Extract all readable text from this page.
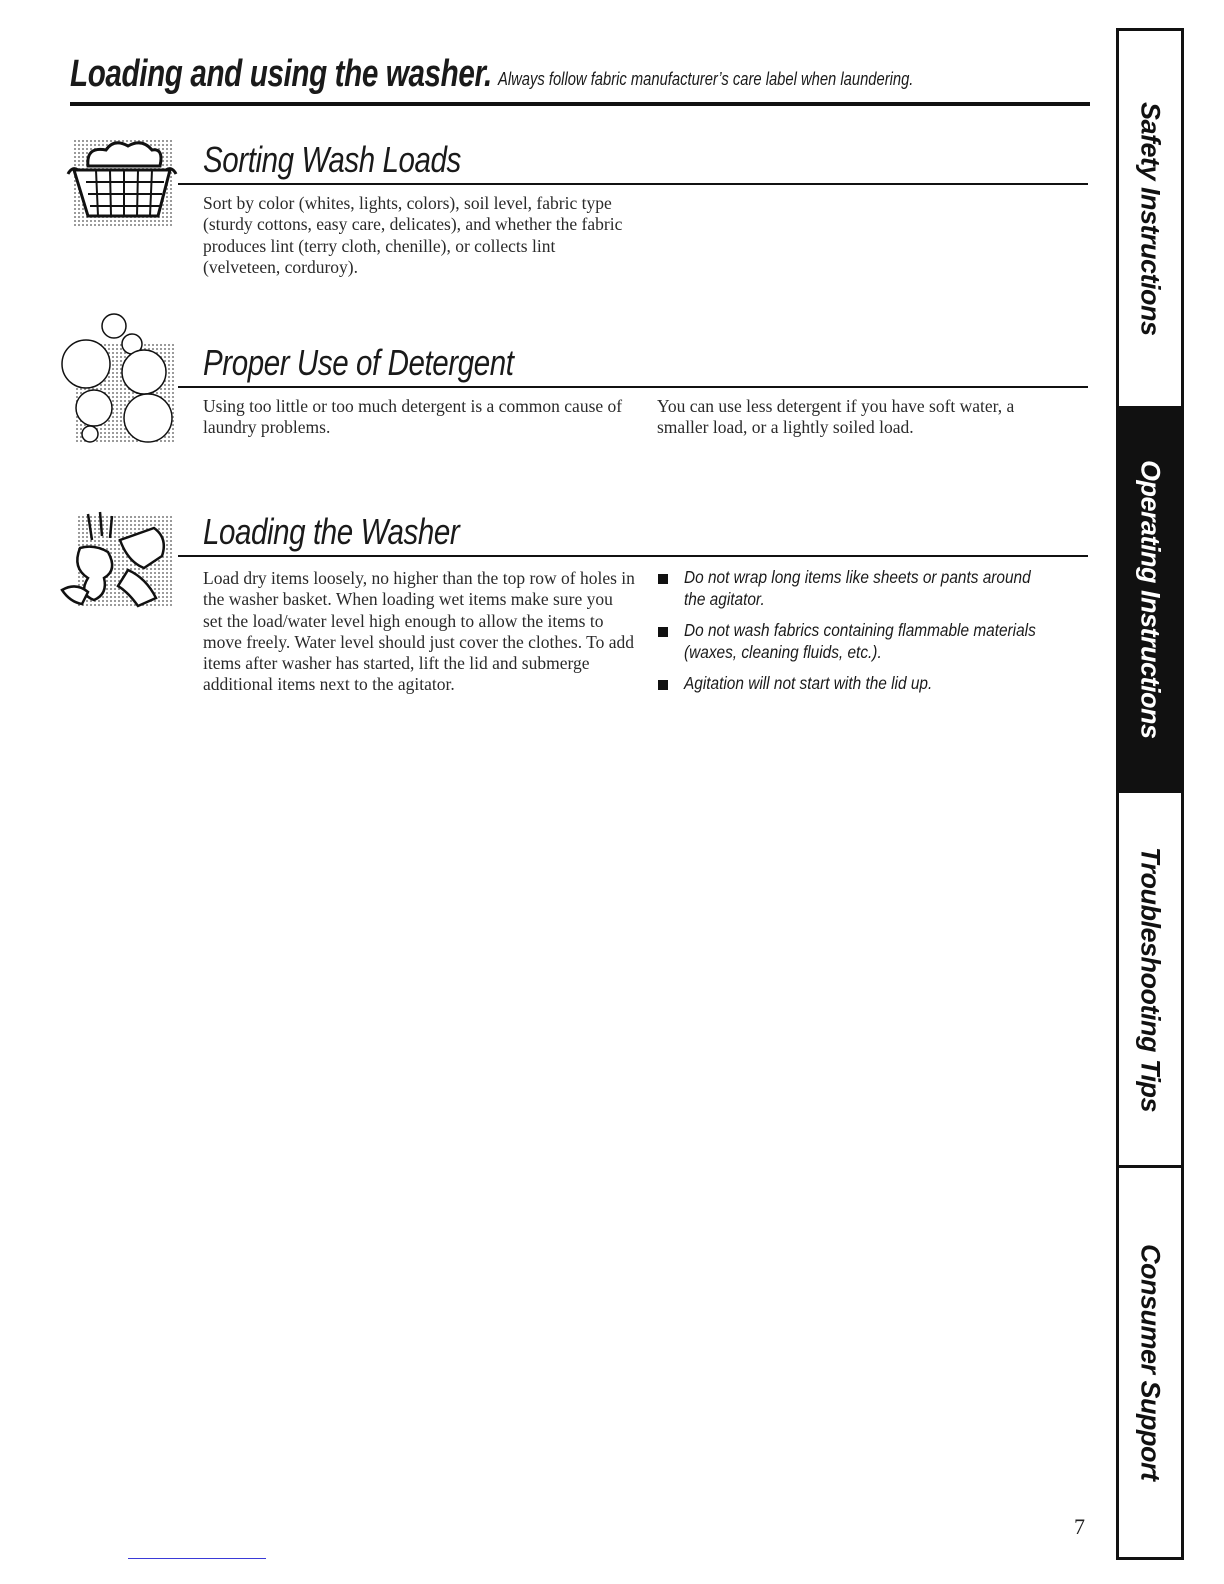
Loading and using the washer. Always follow fabric manufacturer’s care label when laundering.
Sorting Wash Loads
Sort by color (whites, lights, colors), soil level, fabric type (sturdy cottons, easy care, delicates), and whether the fabric produces lint (terry cloth, chenille), or collects lint (velveteen, corduroy).
Proper Use of Detergent
Using too little or too much detergent is a common cause of laundry problems.
You can use less detergent if you have soft water, a smaller load, or a lightly soiled load.
Loading the Washer
Load dry items loosely, no higher than the top row of holes in the washer basket. When loading wet items make sure you set the load/water level high enough to allow the items to move freely. Water level should just cover the clothes. To add items after washer has started, lift the lid and submerge additional items next to the agitator.
Do not wrap long items like sheets or pants around the agitator.
Do not wash fabrics containing flammable materials (waxes, cleaning fluids, etc.).
Agitation will not start with the lid up.
Safety Instructions
Operating Instructions
Troubleshooting Tips
Consumer Support
7
